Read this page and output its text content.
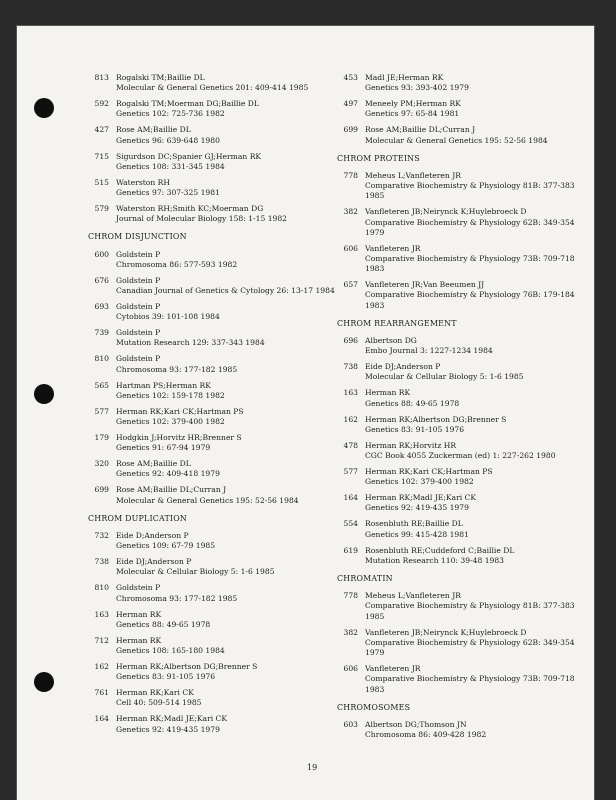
813 Rogalski TM;Baillie DL
Molecular & General Genetics 201: 409-414 1985
592 Rogalski TM;Moerman DG;Baillie DL
Genetics 102: 725-736 1982
427 Rose AM;Baillie DL
Genetics 96: 639-648 1980
715 Sigurdson DC;Spanier GJ;Herman RK
Genetics 108: 331-345 1984
515 Waterston RH
Genetics 97: 307-325 1981
579 Waterston RH;Smith KC;Moerman DG
Journal of Molecular Biology 158: 1-15 1982
CHROM DISJUNCTION
600 Goldstein P
Chromosoma 86: 577-593 1982
676 Goldstein P
Canadian Journal of Genetics & Cytology 26: 13-17 1984
693 Goldstein P
Cytobios 39: 101-108 1984
739 Goldstein P
Mutation Research 129: 337-343 1984
810 Goldstein P
Chromosoma 93: 177-182 1985
565 Hartman PS;Herman RK
Genetics 102: 159-178 1982
577 Herman RK;Kari CK;Hartman PS
Genetics 102: 379-400 1982
179 Hodgkin J;Horvitz HR;Brenner S
Genetics 91: 67-94 1979
320 Rose AM;Baillie DL
Genetics 92: 409-418 1979
699 Rose AM;Baillie DL;Curran J
Molecular & General Genetics 195: 52-56 1984
CHROM DUPLICATION
732 Eide D;Anderson P
Genetics 109: 67-79 1985
738 Eide DJ;Anderson P
Molecular & Cellular Biology 5: 1-6 1985
810 Goldstein P
Chromosoma 93: 177-182 1985
163 Herman RK
Genetics 88: 49-65 1978
712 Herman RK
Genetics 108: 165-180 1984
162 Herman RK;Albertson DG;Brenner S
Genetics 83: 91-105 1976
761 Herman RK;Kari CK
Cell 40: 509-514 1985
164 Herman RK;Madl JE;Kari CK
Genetics 92: 419-435 1979
453 Madl JE;Herman RK
Genetics 93: 393-402 1979
497 Meneely PM;Herman RK
Genetics 97: 65-84 1981
699 Rose AM;Baillie DL;Curran J
Molecular & General Genetics 195: 52-56 1984
CHROM PROTEINS
778 Meheus L;Vanfleteren JR
Comparative Biochemistry & Physiology 81B: 377-383
1985
382 Vanfleteren JB;Neirynck K;Huylebroeck D
Comparative Biochemistry & Physiology 62B: 349-354
1979
606 Vanfleteren JR
Comparative Biochemistry & Physiology 73B: 709-718
1983
657 Vanfleteren JR;Van Beeumen JJ
Comparative Biochemistry & Physiology 76B: 179-184
1983
CHROM REARRANGEMENT
696 Albertson DG
Embo Journal 3: 1227-1234 1984
738 Eide DJ;Anderson P
Molecular & Cellular Biology 5: 1-6 1985
163 Herman RK
Genetics 88: 49-65 1978
162 Herman RK;Albertson DG;Brenner S
Genetics 83: 91-105 1976
478 Herman RK;Horvitz HR
CGC Book 4055 Zuckerman (ed) 1: 227-262 1980
577 Herman RK;Kari CK;Hartman PS
Genetics 102: 379-400 1982
164 Herman RK;Madl JE;Kari CK
Genetics 92: 419-435 1979
554 Rosenbluth RE;Baillie DL
Genetics 99: 415-428 1981
619 Rosenbluth RE;Cuddeford C;Baillie DL
Mutation Research 110: 39-48 1983
CHROMATIN
778 Meheus L;Vanfleteren JR
Comparative Biochemistry & Physiology 81B: 377-383
1985
382 Vanfleteren JB;Neirynck K;Huylebroeck D
Comparative Biochemistry & Physiology 62B: 349-354
1979
606 Vanfleteren JR
Comparative Biochemistry & Physiology 73B: 709-718
1983
CHROMOSOMES
603 Albertson DG;Thomson JN
Chromosoma 86: 409-428 1982
19
